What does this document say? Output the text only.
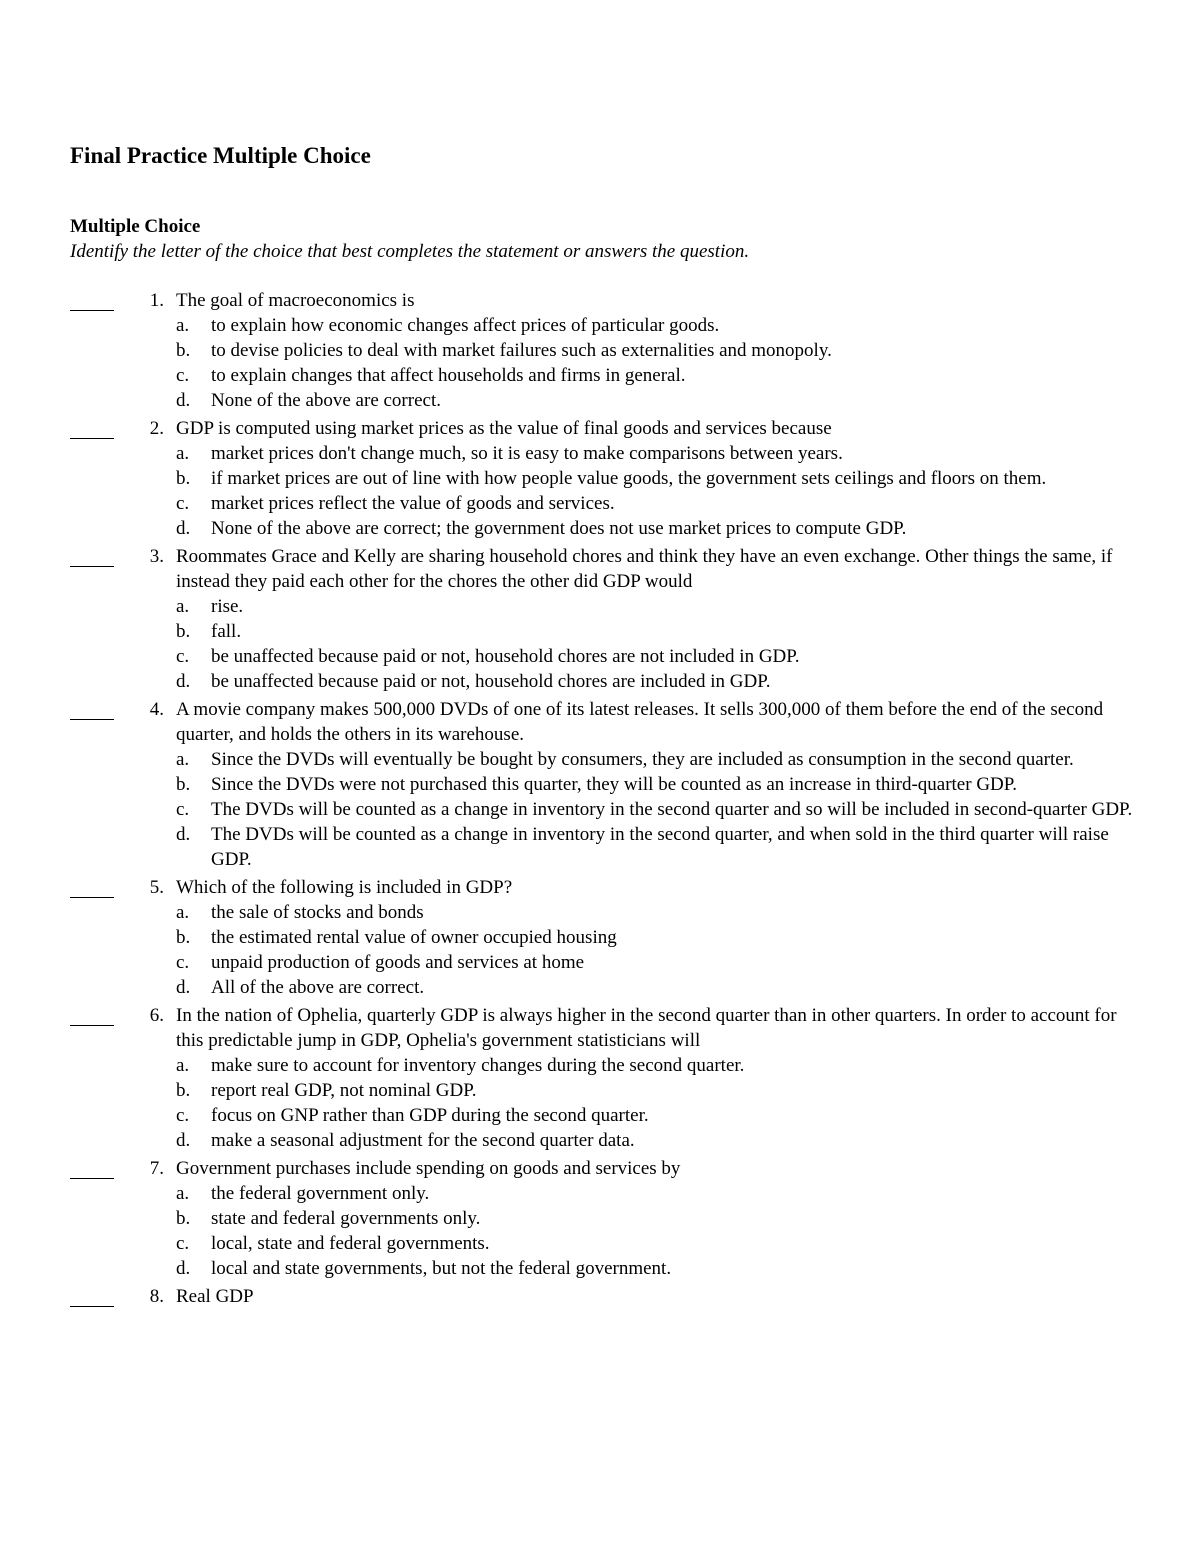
Final Practice Multiple Choice
Multiple Choice
Identify the letter of the choice that best completes the statement or answers the question.
1. The goal of macroeconomics is
a. to explain how economic changes affect prices of particular goods.
b. to devise policies to deal with market failures such as externalities and monopoly.
c. to explain changes that affect households and firms in general.
d. None of the above are correct.
2. GDP is computed using market prices as the value of final goods and services because
a. market prices don't change much, so it is easy to make comparisons between years.
b. if market prices are out of line with how people value goods, the government sets ceilings and floors on them.
c. market prices reflect the value of goods and services.
d. None of the above are correct; the government does not use market prices to compute GDP.
3. Roommates Grace and Kelly are sharing household chores and think they have an even exchange. Other things the same, if instead they paid each other for the chores the other did GDP would
a. rise.
b. fall.
c. be unaffected because paid or not, household chores are not included in GDP.
d. be unaffected because paid or not, household chores are included in GDP.
4. A movie company makes 500,000 DVDs of one of its latest releases. It sells 300,000 of them before the end of the second quarter, and holds the others in its warehouse.
a. Since the DVDs will eventually be bought by consumers, they are included as consumption in the second quarter.
b. Since the DVDs were not purchased this quarter, they will be counted as an increase in third-quarter GDP.
c. The DVDs will be counted as a change in inventory in the second quarter and so will be included in second-quarter GDP.
d. The DVDs will be counted as a change in inventory in the second quarter, and when sold in the third quarter will raise GDP.
5. Which of the following is included in GDP?
a. the sale of stocks and bonds
b. the estimated rental value of owner occupied housing
c. unpaid production of goods and services at home
d. All of the above are correct.
6. In the nation of Ophelia, quarterly GDP is always higher in the second quarter than in other quarters. In order to account for this predictable jump in GDP, Ophelia's government statisticians will
a. make sure to account for inventory changes during the second quarter.
b. report real GDP, not nominal GDP.
c. focus on GNP rather than GDP during the second quarter.
d. make a seasonal adjustment for the second quarter data.
7. Government purchases include spending on goods and services by
a. the federal government only.
b. state and federal governments only.
c. local, state and federal governments.
d. local and state governments, but not the federal government.
8. Real GDP
